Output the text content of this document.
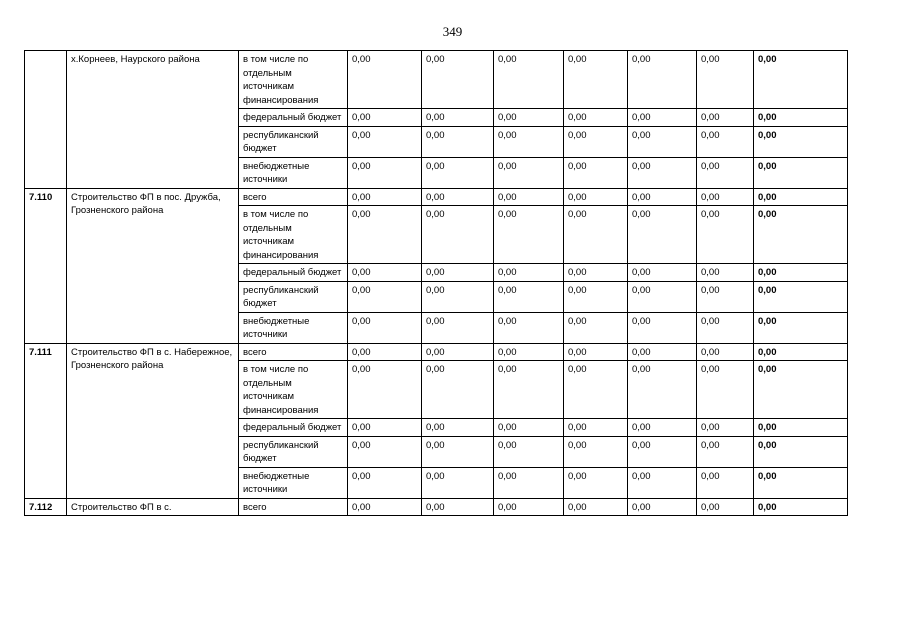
349
	х.Корнеев, Наурского района	в том числе по отдельным источникам финансирования	0,00	0,00	0,00	0,00	0,00	0,00	0,00
		федеральный бюджет	0,00	0,00	0,00	0,00	0,00	0,00	0,00
		республиканский бюджет	0,00	0,00	0,00	0,00	0,00	0,00	0,00
		внебюджетные источники	0,00	0,00	0,00	0,00	0,00	0,00	0,00
7.110	Строительство ФП в пос. Дружба, Грозненского района	всего	0,00	0,00	0,00	0,00	0,00	0,00	0,00
		в том числе по отдельным источникам финансирования	0,00	0,00	0,00	0,00	0,00	0,00	0,00
		федеральный бюджет	0,00	0,00	0,00	0,00	0,00	0,00	0,00
		республиканский бюджет	0,00	0,00	0,00	0,00	0,00	0,00	0,00
		внебюджетные источники	0,00	0,00	0,00	0,00	0,00	0,00	0,00
7.111	Строительство ФП в с. Набережное, Грозненского района	всего	0,00	0,00	0,00	0,00	0,00	0,00	0,00
		в том числе по отдельным источникам финансирования	0,00	0,00	0,00	0,00	0,00	0,00	0,00
		федеральный бюджет	0,00	0,00	0,00	0,00	0,00	0,00	0,00
		республиканский бюджет	0,00	0,00	0,00	0,00	0,00	0,00	0,00
		внебюджетные источники	0,00	0,00	0,00	0,00	0,00	0,00	0,00
7.112	Строительство ФП в с.	всего	0,00	0,00	0,00	0,00	0,00	0,00	0,00
